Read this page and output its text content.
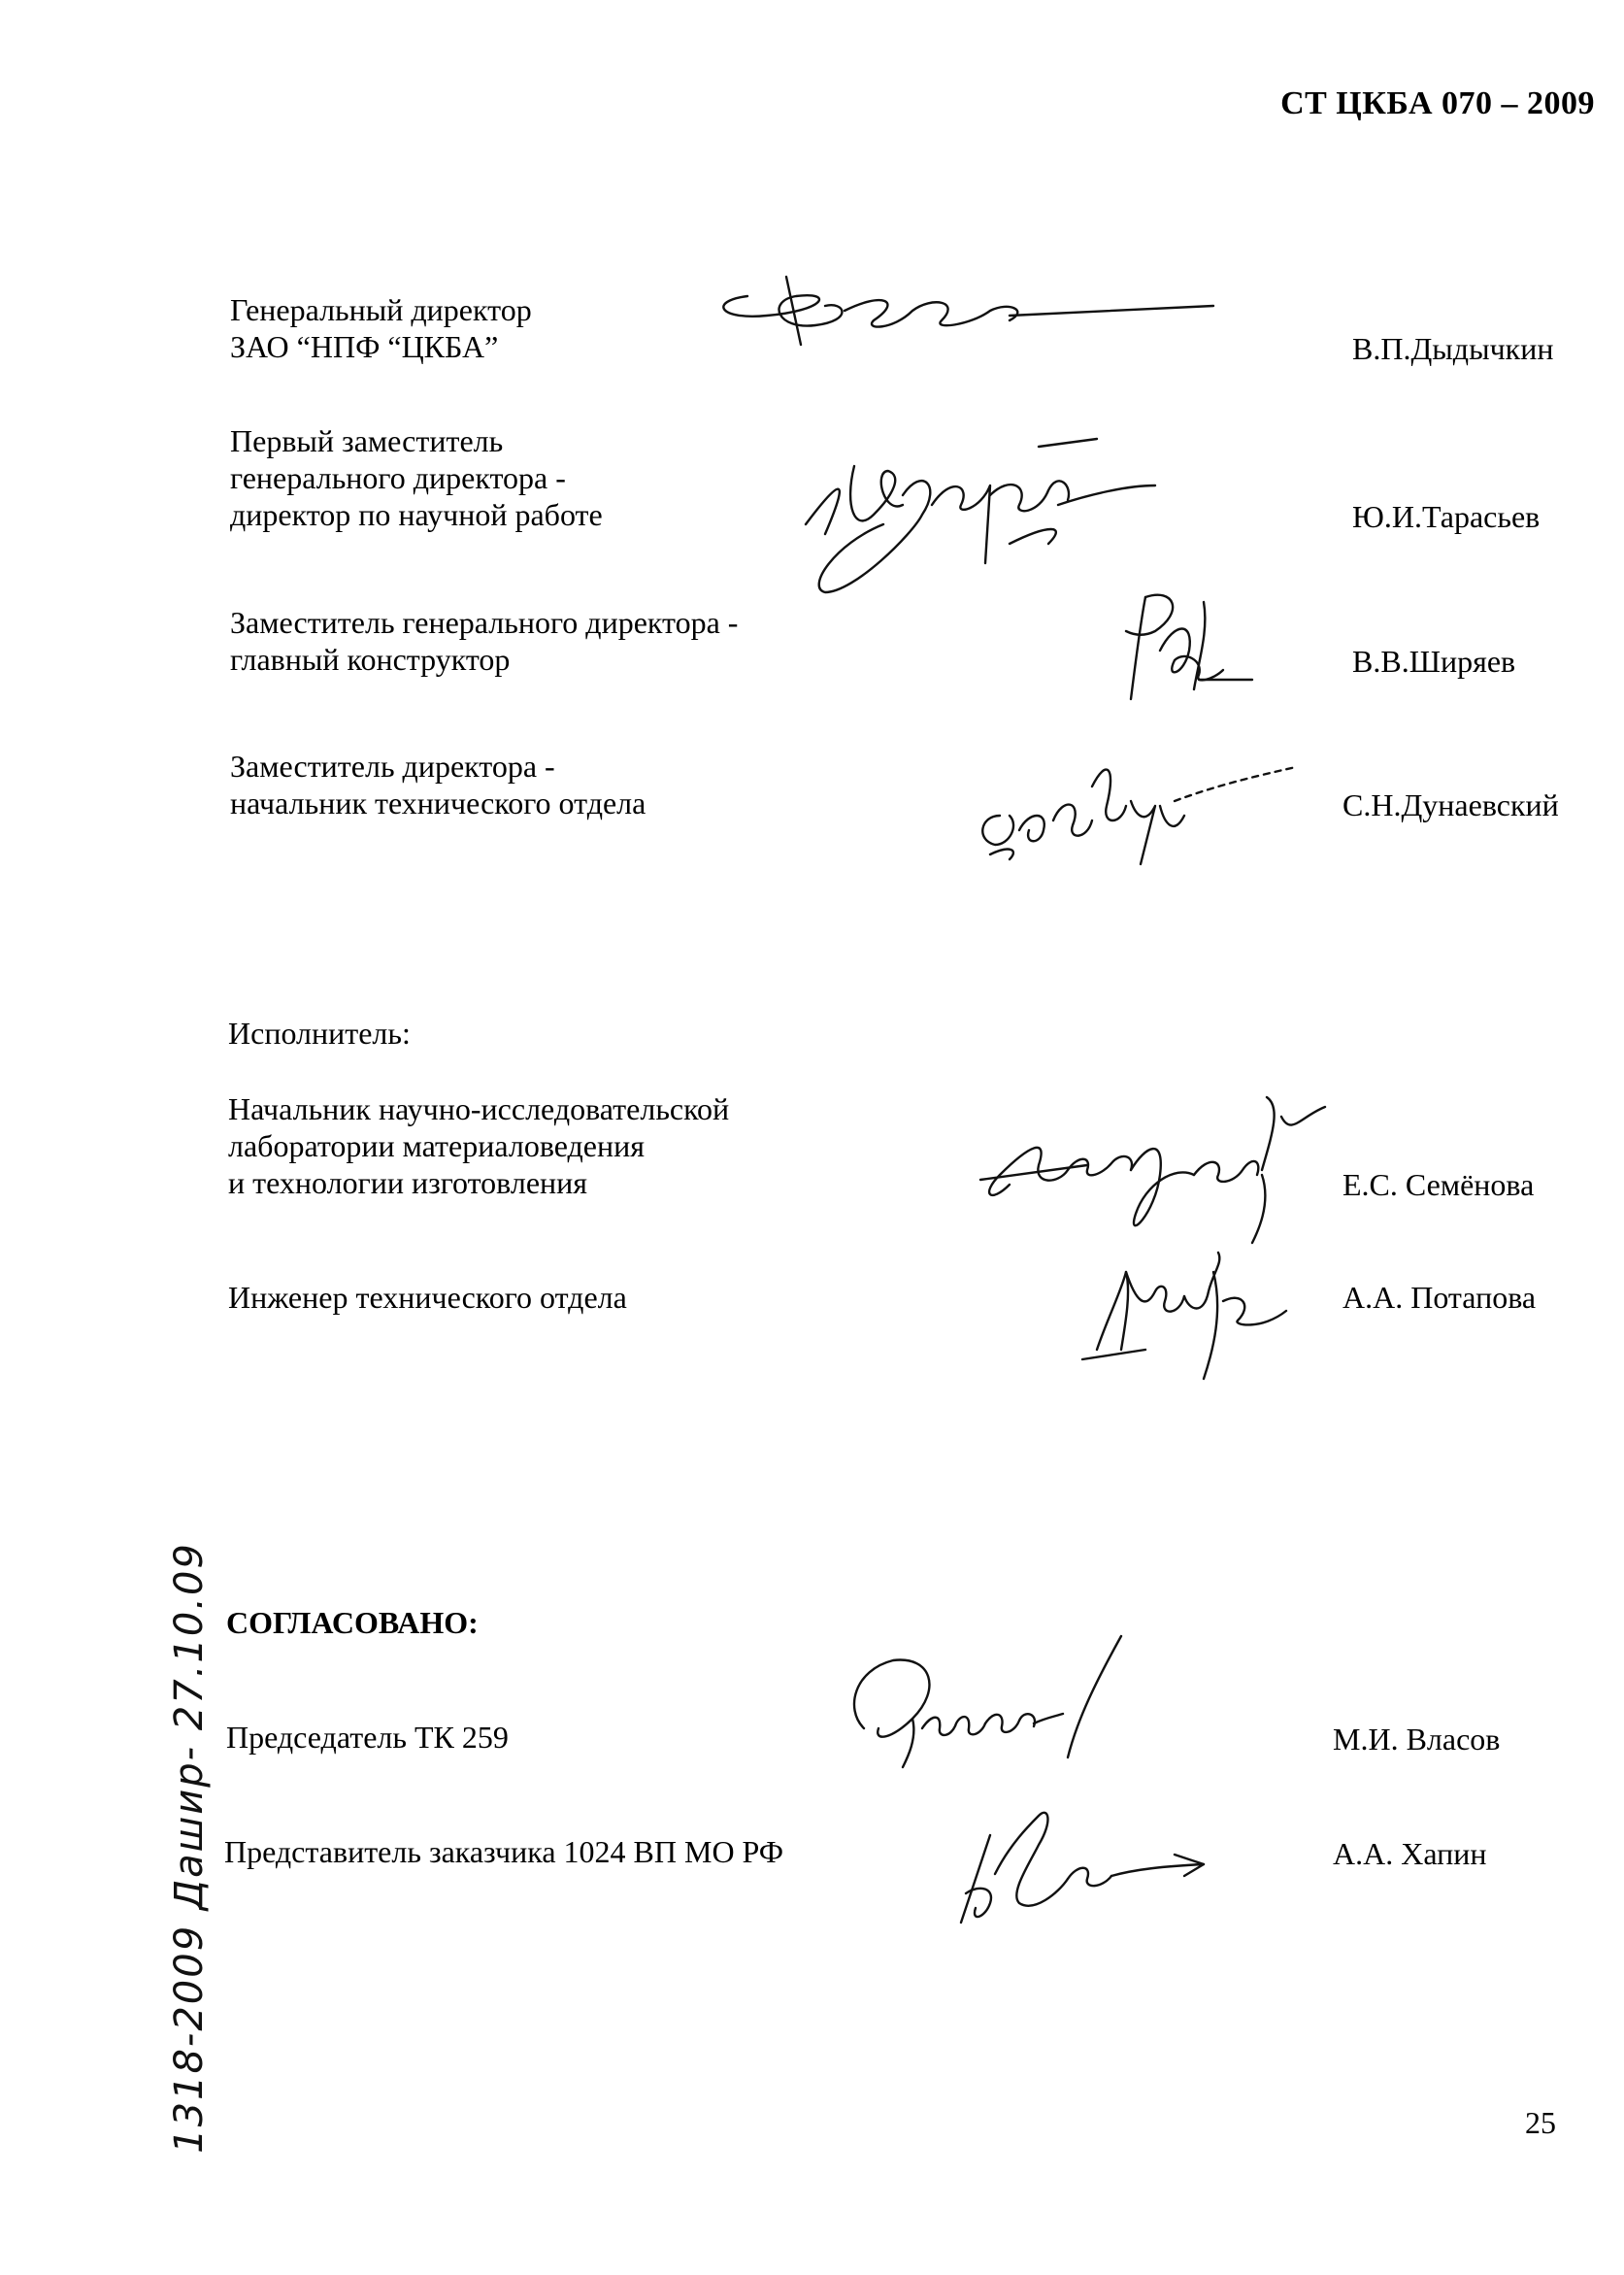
СТ ЦКБА 070 – 2009
Генеральный директор
ЗАО “НПФ “ЦКБА”	В.П.Дыдычкин
Первый заместитель
генерального директора -
директор по научной работе	Ю.И.Тарасьев
Заместитель генерального директора -
главный конструктор	В.В.Ширяев
Заместитель директора -
начальник технического отдела	С.Н.Дунаевский
Исполнитель:
Начальник научно-исследовательской
лаборатории материаловедения
и технологии изготовления	Е.С. Семёнова
Инженер технического отдела	А.А. Потапова
СОГЛАСОВАНО:
Председатель ТК 259	М.И. Власов
Представитель заказчика 1024 ВП МО РФ	А.А. Хапин
1318-2009 Дашир- 27.10.09	25
